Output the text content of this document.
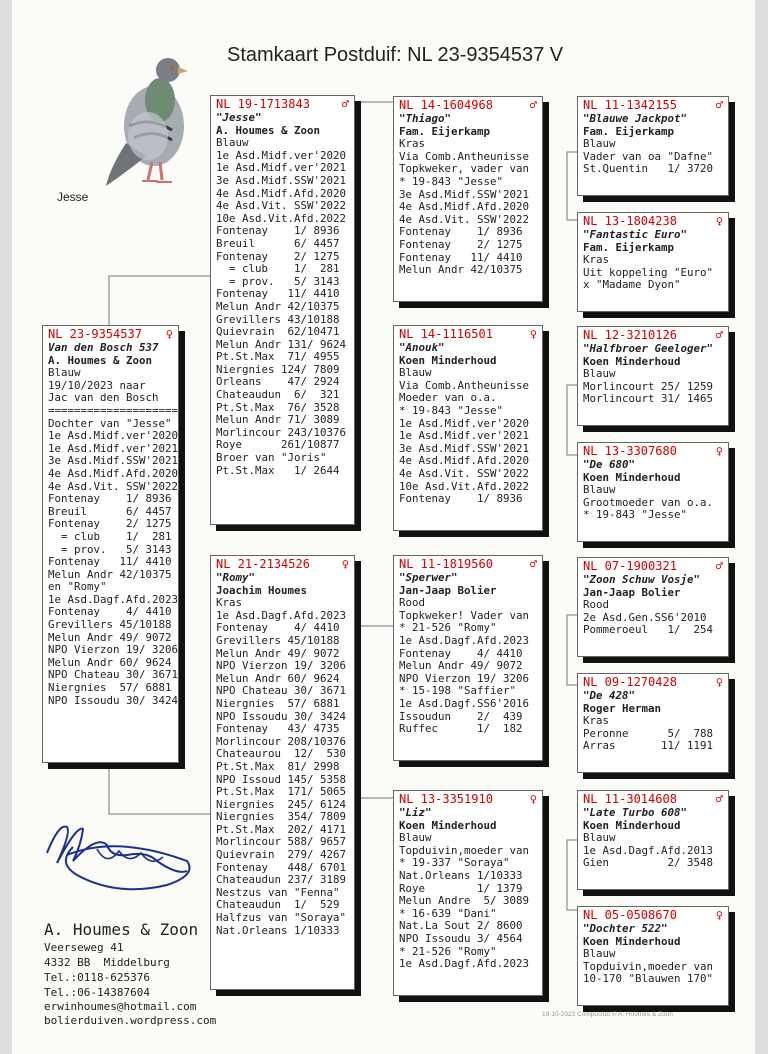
Stamkaart Postduif: NL 23-9354537 V
Jesse
NL 23-9354537 ♀
Van den Bosch 537
A. Houmes & Zoon
Blauw
19/10/2023 naar
Jac van den Bosch
====================
Dochter van "Jesse"
1e Asd.Midf.ver'2020
1e Asd.Midf.ver'2021
3e Asd.Midf.SSW'2021
4e Asd.Midf.Afd.2020
4e Asd.Vit. SSW'2022
Fontenay    1/ 8936
Breuil      6/ 4457
Fontenay    2/ 1275
= club    1/  281
= prov.   5/ 3143
Fontenay   11/ 4410
Melun Andr 42/10375
en "Romy"
1e Asd.Dagf.Afd.2023
Fontenay    4/ 4410
Grevillers 45/10188
Melun Andr 49/ 9072
NPO Vierzon 19/ 3206
Melun Andr 60/ 9624
NPO Chateau 30/ 3671
Niergnies  57/ 6881
NPO Issoudu 30/ 3424
NL 19-1713843	♂
"Jesse"
A. Houmes & Zoon
Blauw
1e Asd.Midf.ver'2020
1e Asd.Midf.ver'2021
3e Asd.Midf.SSW'2021
4e Asd.Midf.Afd.2020
4e Asd.Vit. SSW'2022
10e Asd.Vit.Afd.2022
Fontenay    1/ 8936
Breuil      6/ 4457
Fontenay    2/ 1275
= club    1/  281
= prov.   5/ 3143
Fontenay   11/ 4410
Melun Andr 42/10375
Grevillers 43/10188
Quievrain  62/10471
Melun Andr 131/ 9624
Pt.St.Max  71/ 4955
Niergnies 124/ 7809
Orleans    47/ 2924
Chateaudun  6/  321
Pt.St.Max  76/ 3528
Melun Andr 71/ 3089
Morlincour 243/10376
Roye      261/10877
Broer van "Joris"
Pt.St.Max   1/ 2644
NL 21-2134526	♀
"Romy"
Joachim Houmes
Kras
1e Asd.Dagf.Afd.2023
Fontenay    4/ 4410
Grevillers 45/10188
Melun Andr 49/ 9072
NPO Vierzon 19/ 3206
Melun Andr 60/ 9624
NPO Chateau 30/ 3671
Niergnies  57/ 6881
NPO Issoudu 30/ 3424
Fontenay   43/ 4735
Morlincour 208/10376
Chateaurou  12/  530
Pt.St.Max  81/ 2998
NPO Issoud 145/ 5358
Pt.St.Max  171/ 5065
Niergnies  245/ 6124
Niergnies  354/ 7809
Pt.St.Max  202/ 4171
Morlincour 588/ 9657
Quievrain  279/ 4267
Fontenay   448/ 6701
Chateaudun 237/ 3189
Nestzus van "Fenna"
Chateaudun  1/  529
Halfzus van "Soraya"
Nat.Orleans 1/10333
NL 14-1604968	♂
"Thiago"
Fam. Eijerkamp
Kras
Via Comb.Antheunisse
Topkweker, vader van
* 19-843 "Jesse"
3e Asd.Midf.SSW'2021
4e Asd.Midf.Afd.2020
4e Asd.Vit. SSW'2022
Fontenay    1/ 8936
Fontenay    2/ 1275
Fontenay   11/ 4410
Melun Andr 42/10375
NL 14-1116501	♀
"Anouk"
Koen Minderhoud
Blauw
Via Comb.Antheunisse
Moeder van o.a.
* 19-843 "Jesse"
1e Asd.Midf.ver'2020
1e Asd.Midf.ver'2021
3e Asd.Midf.SSW'2021
4e Asd.Midf.Afd.2020
4e Asd.Vit. SSW'2022
10e Asd.Vit.Afd.2022
Fontenay    1/ 8936
NL 11-1819560	♂
"Sperwer"
Jan-Jaap Bolier
Rood
Topkweker! Vader van
* 21-526 "Romy"
1e Asd.Dagf.Afd.2023
Fontenay    4/ 4410
Melun Andr 49/ 9072
NPO Vierzon 19/ 3206
* 15-198 "Saffier"
1e Asd.Dagf.SS6'2016
Issoudun    2/  439
Ruffec      1/  182
NL 13-3351910	♀
"Liz"
Koen Minderhoud
Blauw
Topduivin,moeder van
* 19-337 "Soraya"
Nat.Orleans 1/10333
Roye        1/ 1379
Melun Andre  5/ 3089
* 16-639 "Dani"
Nat.La Sout 2/ 8600
NPO Issoudu 3/ 4564
* 21-526 "Romy"
1e Asd.Dagf.Afd.2023
NL 11-1342155	♂
"Blauwe Jackpot"
Fam. Eijerkamp
Blauw
Vader van oa "Dafne"
St.Quentin   1/ 3720
NL 13-1804238	♀
"Fantastic Euro"
Fam. Eijerkamp
Kras
Uit koppeling "Euro"
x "Madame Dyon"
NL 12-3210126	♂
"Halfbroer Geeloger"
Koen Minderhoud
Blauw
Morlincourt 25/ 1259
Morlincourt 31/ 1465
NL 13-3307680	♀
"De 680"
Koen Minderhoud
Blauw
Grootmoeder van o.a.
* 19-843 "Jesse"
NL 07-1900321	♂
"Zoon Schuw Vosje"
Jan-Jaap Bolier
Rood
2e Asd.Gen.SS6'2010
Pommeroeul   1/  254
NL 09-1270428	♀
"De 428"
Roger Herman
Kras
Peronne      5/  788
Arras       11/ 1191
NL 11-3014608	♂
"Late Turbo 608"
Koen Minderhoud
Blauw
1e Asd.Dagf.Afd.2013
Gien         2/ 3548
NL 05-0508670	♀
"Dochter 522"
Koen Minderhoud
Blauw
Topduivin,moeder van
10-170 "Blauwen 170"
A. Houmes & Zoon
Veerseweg 41
4332 BB  Middelburg
Tel.:0118-625376
Tel.:06-14387604
erwinhoumes@hotmail.com
bolierduiven.wordpress.com	19-10-2023 Compuclub © A. Houmes & Zoon
